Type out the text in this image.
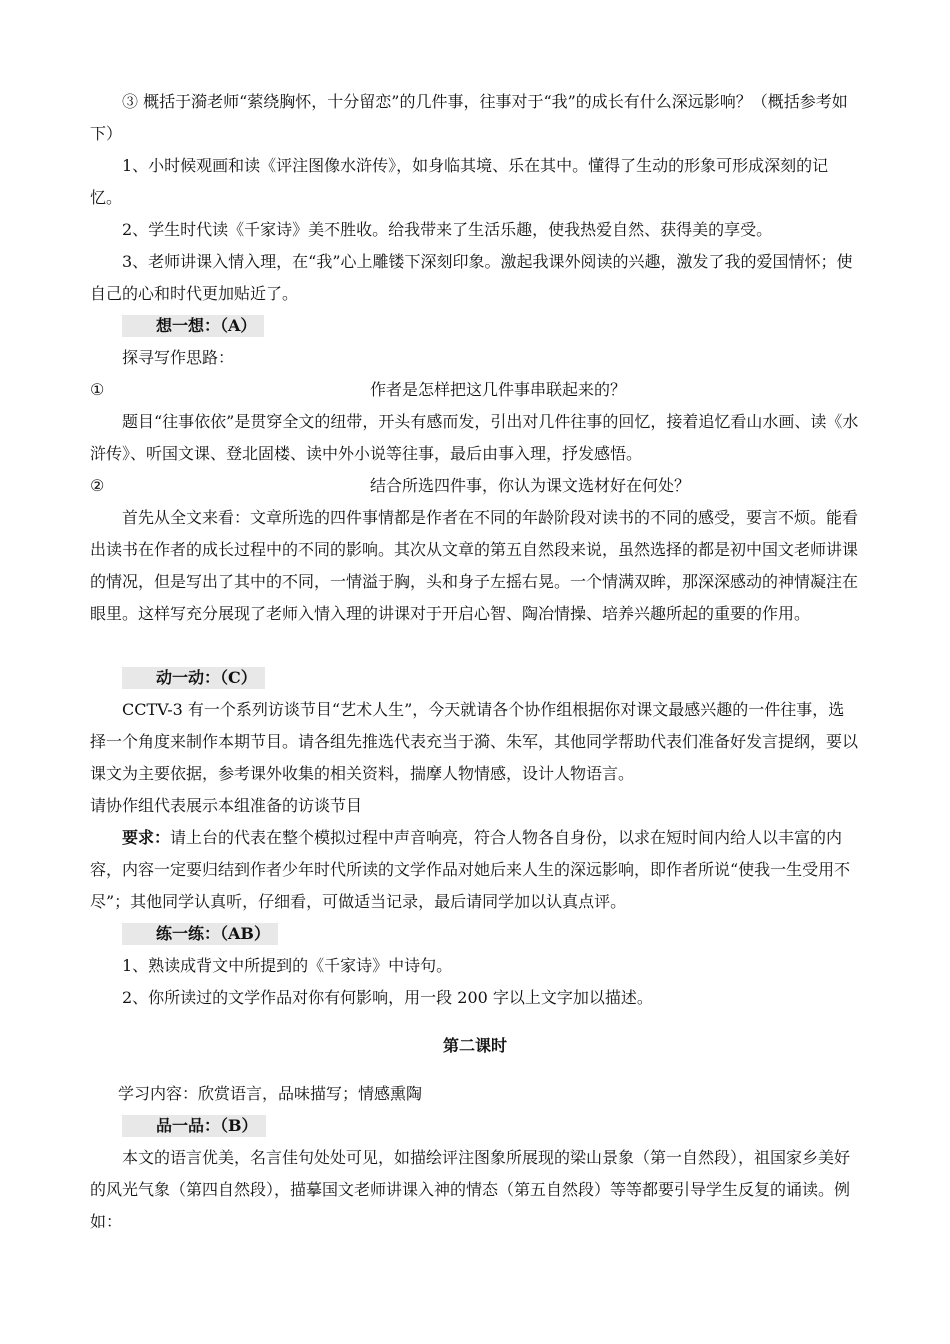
③ 概括于漪老师“萦绕胸怀，十分留恋”的几件事，往事对于“我”的成长有什么深远影响？（概括参考如下）

1、小时候观画和读《评注图像水浒传》，如身临其境、乐在其中。懂得了生动的形象可形成深刻的记忆。

2、学生时代读《千家诗》美不胜收。给我带来了生活乐趣，使我热爱自然、获得美的享受。

3、老师讲课入情入理，在“我”心上雕镂下深刻印象。激起我课外阅读的兴趣，激发了我的爱国情怀；使自己的心和时代更加贴近了。

想一想：（A）

探寻写作思路：

①	作者是怎样把这几件事串联起来的？

题目“往事依依”是贯穿全文的纽带，开头有感而发，引出对几件往事的回忆，接着追忆看山水画、读《水浒传》、听国文课、登北固楼、读中外小说等往事，最后由事入理，抒发感悟。

②	结合所选四件事，你认为课文选材好在何处？

首先从全文来看：文章所选的四件事情都是作者在不同的年龄阶段对读书的不同的感受，要言不烦。能看出读书在作者的成长过程中的不同的影响。其次从文章的第五自然段来说，虽然选择的都是初中国文老师讲课的情况，但是写出了其中的不同，一情溢于胸，头和身子左摇右晃。一个情满双眸，那深深感动的神情凝注在眼里。这样写充分展现了老师入情入理的讲课对于开启心智、陶冶情操、培养兴趣所起的重要的作用。

动一动：（C）

CCTV-3 有一个系列访谈节目“艺术人生”，今天就请各个协作组根据你对课文最感兴趣的一件往事，选择一个角度来制作本期节目。请各组先推选代表充当于漪、朱军，其他同学帮助代表们准备好发言提纲，要以课文为主要依据，参考课外收集的相关资料，揣摩人物情感，设计人物语言。

请协作组代表展示本组准备的访谈节目

要求：请上台的代表在整个模拟过程中声音响亮，符合人物各自身份，以求在短时间内给人以丰富的内容，内容一定要归结到作者少年时代所读的文学作品对她后来人生的深远影响，即作者所说“使我一生受用不尽”；其他同学认真听，仔细看，可做适当记录，最后请同学加以认真点评。

练一练：（AB）

1、熟读成背文中所提到的《千家诗》中诗句。

2、你所读过的文学作品对你有何影响，用一段 200 字以上文字加以描述。

第二课时

学习内容：欣赏语言，品味描写；情感熏陶

品一品：（B）

本文的语言优美，名言佳句处处可见，如描绘评注图象所展现的梁山景象（第一自然段），祖国家乡美好的风光气象（第四自然段），描摹国文老师讲课入神的情态（第五自然段）等等都要引导学生反复的诵读。例如：
